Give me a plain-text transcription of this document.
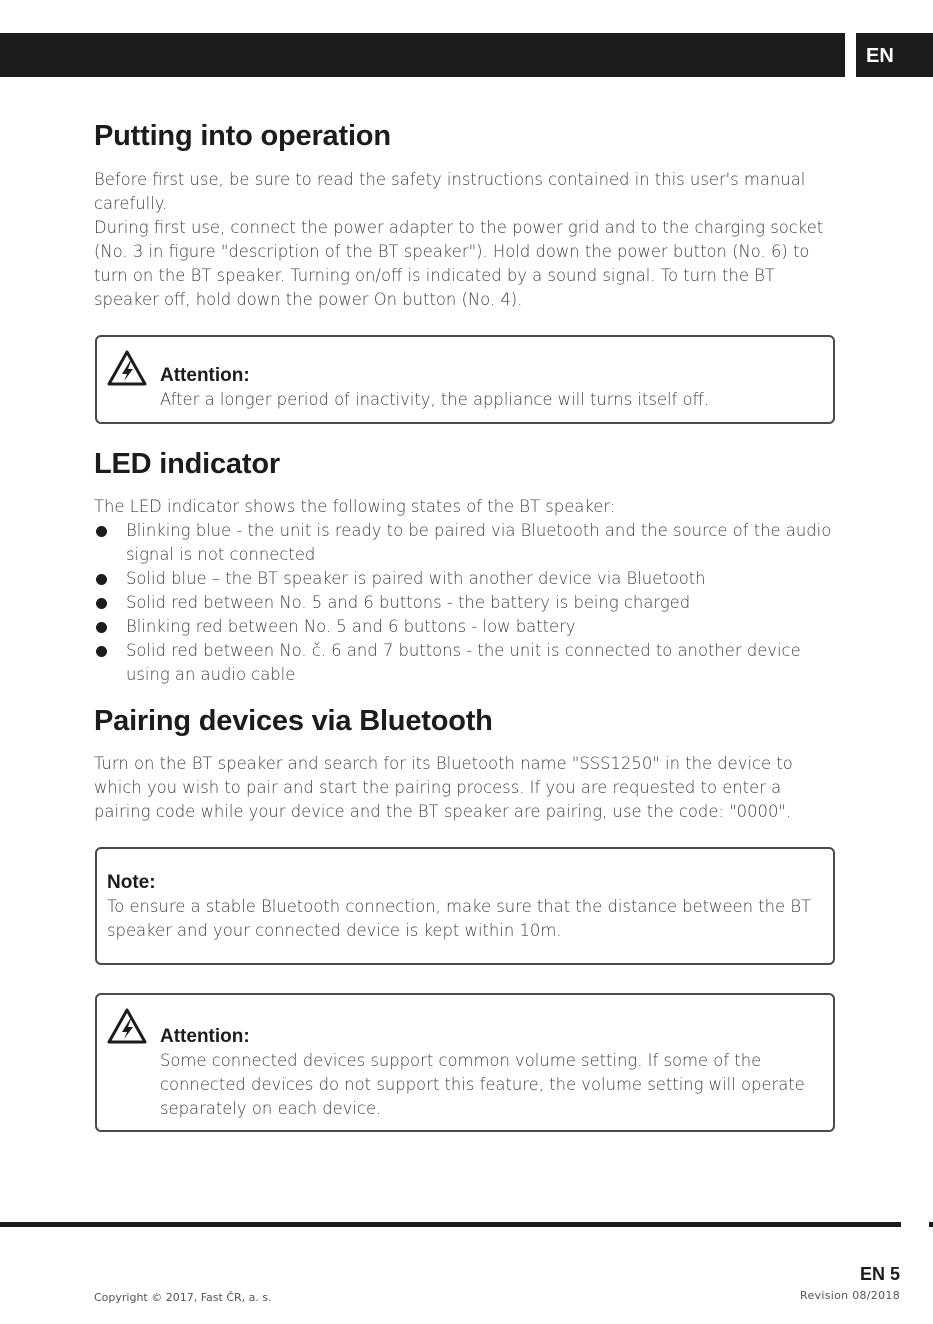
EN
Putting into operation

Before first use, be sure to read the safety instructions contained in this user's manual carefully.

During first use, connect the power adapter to the power grid and to the charging socket (No. 3 in figure "description of the BT speaker"). Hold down the power button (No. 6) to turn on the BT speaker. Turning on/off is indicated by a sound signal. To turn the BT speaker off, hold down the power On button (No. 4).

Attention:

After a longer period of inactivity, the appliance will turns itself off.

LED indicator

The LED indicator shows the following states of the BT speaker:

Blinking blue - the unit is ready to be paired via Bluetooth and the source of the audio signal is not connected
Solid blue – the BT speaker is paired with another device via Bluetooth
Solid red between No. 5 and 6 buttons - the battery is being charged
Blinking red between No. 5 and 6 buttons - low battery
Solid red between No. č. 6 and 7 buttons - the unit is connected to another device using an audio cable
Pairing devices via Bluetooth

Turn on the BT speaker and search for its Bluetooth name "SSS1250" in the device to which you wish to pair and start the pairing process. If you are requested to enter a pairing code while your device and the BT speaker are pairing, use the code: "0000".

Note:

To ensure a stable Bluetooth connection, make sure that the distance between the BT speaker and your connected device is kept within 10m.

Attention:

Some connected devices support common volume setting. If some of the connected devices do not support this feature, the volume setting will operate separately on each device.

EN 5
Revision 08/2018
Copyright © 2017, Fast ČR, a. s.
